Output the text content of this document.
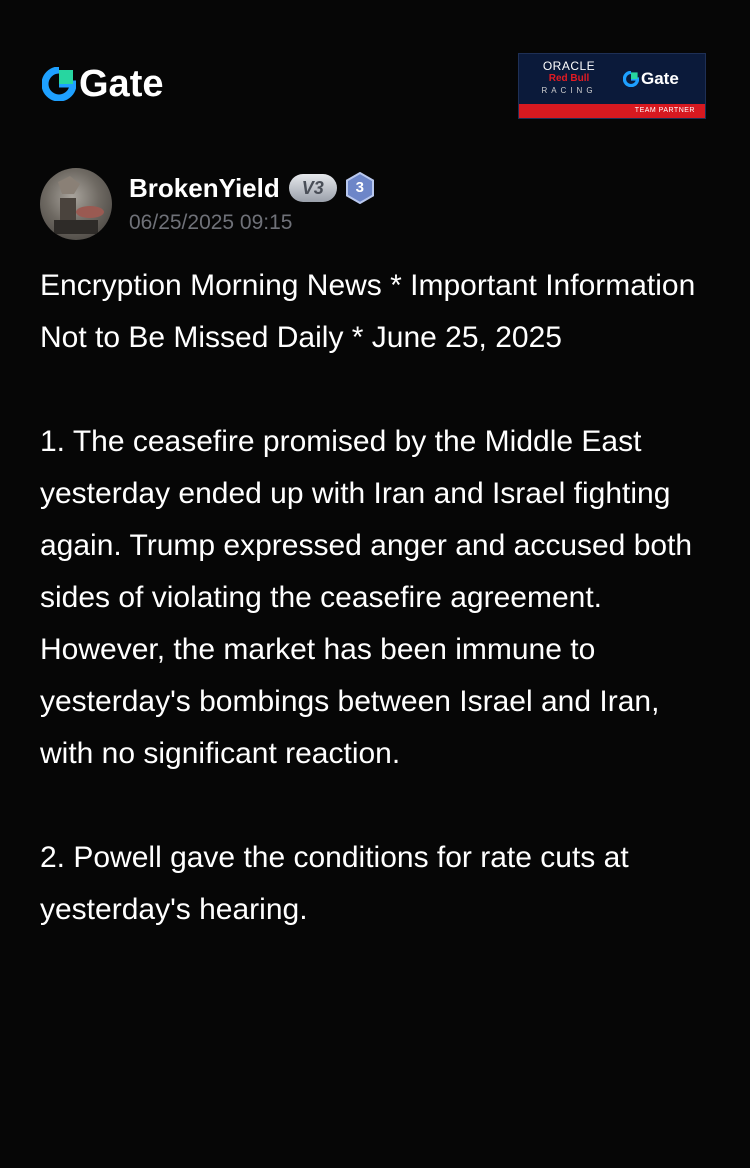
Gate	ORACLE
Red Bull
RACING
Gate
TEAM PARTNER
BrokenYield	V3	3
06/25/2025 09:15

Encryption Morning News * Important Information Not to Be Missed Daily * June 25, 2025

1. The ceasefire promised by the Middle East yesterday ended up with Iran and Israel fighting again. Trump expressed anger and accused both sides of violating the ceasefire agreement. However, the market has been immune to yesterday's bombings between Israel and Iran, with no significant reaction.

2. Powell gave the conditions for rate cuts at yesterday's hearing.
